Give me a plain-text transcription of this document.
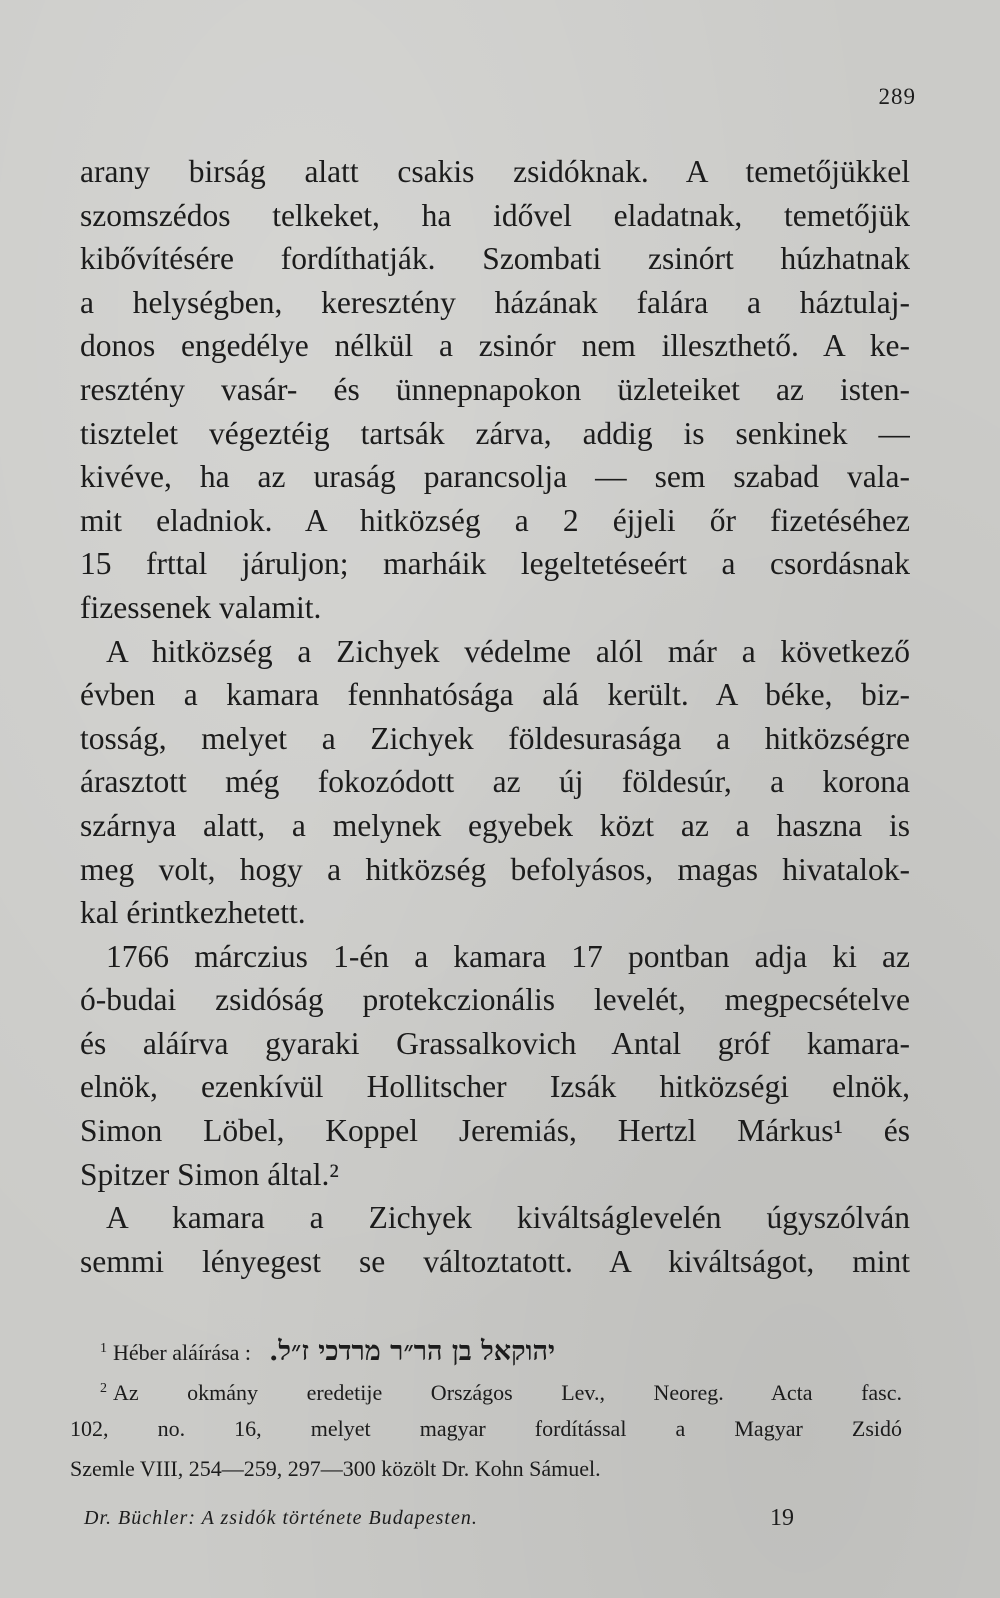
289
arany birság alatt csakis zsidóknak. A temetőjükkel
szomszédos telkeket, ha idővel eladatnak, temetőjük
kibővítésére fordíthatják. Szombati zsinórt húzhatnak
a helységben, keresztény házának falára a háztulaj-
donos engedélye nélkül a zsinór nem illeszthető. A ke-
resztény vasár- és ünnepnapokon üzleteiket az isten-
tisztelet végeztéig tartsák zárva, addig is senkinek —
kivéve, ha az uraság parancsolja — sem szabad vala-
mit eladniok. A hitközség a 2 éjjeli őr fizetéséhez
15 frttal járuljon; marháik legeltetéseért a csordásnak
fizessenek valamit.
A hitközség a Zichyek védelme alól már a következő
évben a kamara fennhatósága alá került. A béke, biz-
tosság, melyet a Zichyek földesurasága a hitközségre
árasztott még fokozódott az új földesúr, a korona
szárnya alatt, a melynek egyebek közt az a haszna is
meg volt, hogy a hitközség befolyásos, magas hivatalok-
kal érintkezhetett.
1766 márczius 1-én a kamara 17 pontban adja ki az
ó-budai zsidóság protekczionális levelét, megpecsételve
és aláírva gyaraki Grassalkovich Antal gróf kamara-
elnök, ezenkívül Hollitscher Izsák hitközségi elnök,
Simon Löbel, Koppel Jeremiás, Hertzl Márkus¹ és
Spitzer Simon által.²
A kamara a Zichyek kiváltságlevelén úgyszólván
semmi lényegest se változtatott. A kiváltságot, mint
$^1$ Héber aláírása : יהוקאל בן הר״ר מרדכי ז״ל.
$^2$ Az okmány eredetije Országos Lev., Neoreg. Acta fasc.
102, no. 16, melyet magyar fordítással a Magyar Zsidó
Szemle VIII, 254—259, 297—300 közölt Dr. Kohn Sámuel.
Dr. Büchler: A zsidók története Budapesten.	19
